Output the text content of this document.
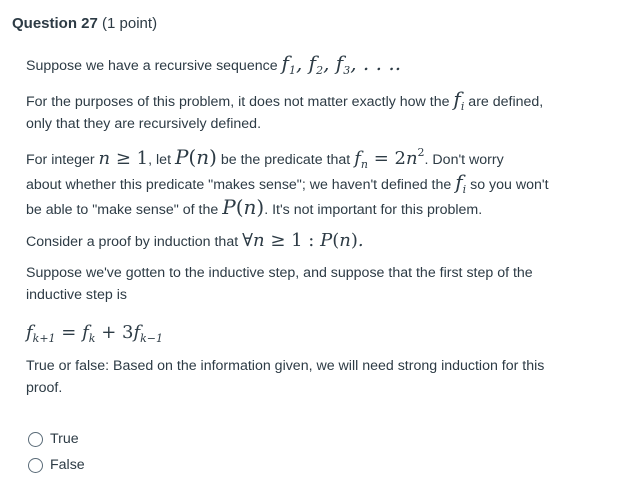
Question 27 (1 point)

Suppose we have a recursive sequence $f_1$, $f_2$, $f_3$, . . ..

For the purposes of this problem, it does not matter exactly how the $f_i$ are defined,
only that they are recursively defined.

For integer n ≥ 1, let P(n) be the predicate that $f_n = 2n^2$. Don't worry
about whether this predicate "makes sense"; we haven't defined the $f_i$ so you won't
be able to "make sense" of the P(n). It's not important for this problem.

Consider a proof by induction that ∀n ≥ 1 : P(n).

Suppose we've gotten to the inductive step, and suppose that the first step of the
inductive step is

$f_{k+1} = f_k + 3f_{k-1}$

True or false: Based on the information given, we will need strong induction for this
proof.

True
False
